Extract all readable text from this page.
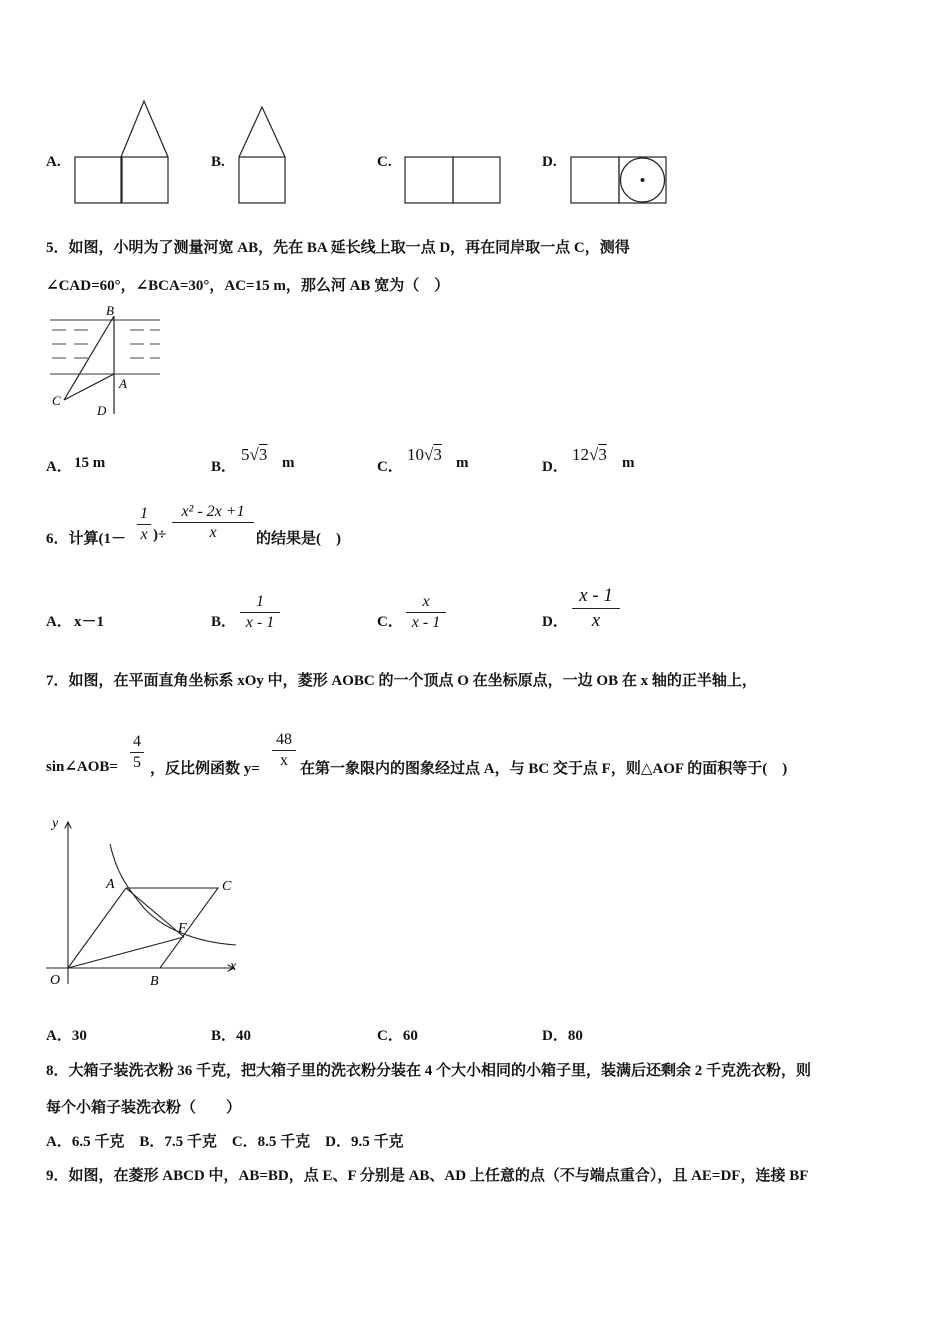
A.	B.	C.	D.
5．如图，小明为了测量河宽 AB，先在 BA 延长线上取一点 D，再在同岸取一点 C，测得
∠CAD=60°，∠BCA=30°，AC=15 m，那么河 AB 宽为（　）
B
A
C
D
A． 15 m	B．
5√3 m	C．
10√3 m	D．
12√3 m
6．计算(1－
1
x )÷
x² - 2x +1
x	的结果是(　)
A． x－1	B．
1
x - 1	C．
x
x - 1	D．
x - 1
x
7．如图，在平面直角坐标系 xOy 中，菱形 AOBC 的一个顶点 O 在坐标原点，一边 OB 在 x 轴的正半轴上，
sin∠AOB=
4
5 ，反比例函数 y=
48
x 在第一象限内的图象经过点 A，与 BC 交于点 F，则△AOF 的面积等于(　)
y
x
O
A	C
F
B
A．30	B．40	C．60	D．80
8．大箱子装洗衣粉 36 千克，把大箱子里的洗衣粉分装在 4 个大小相同的小箱子里，装满后还剩余 2 千克洗衣粉，则
每个小箱子装洗衣粉（　　）
A．6.5 千克　B．7.5 千克　C．8.5 千克　D．9.5 千克
9．如图，在菱形 ABCD 中，AB=BD，点 E、F 分别是 AB、AD 上任意的点（不与端点重合），且 AE=DF，连接 BF
